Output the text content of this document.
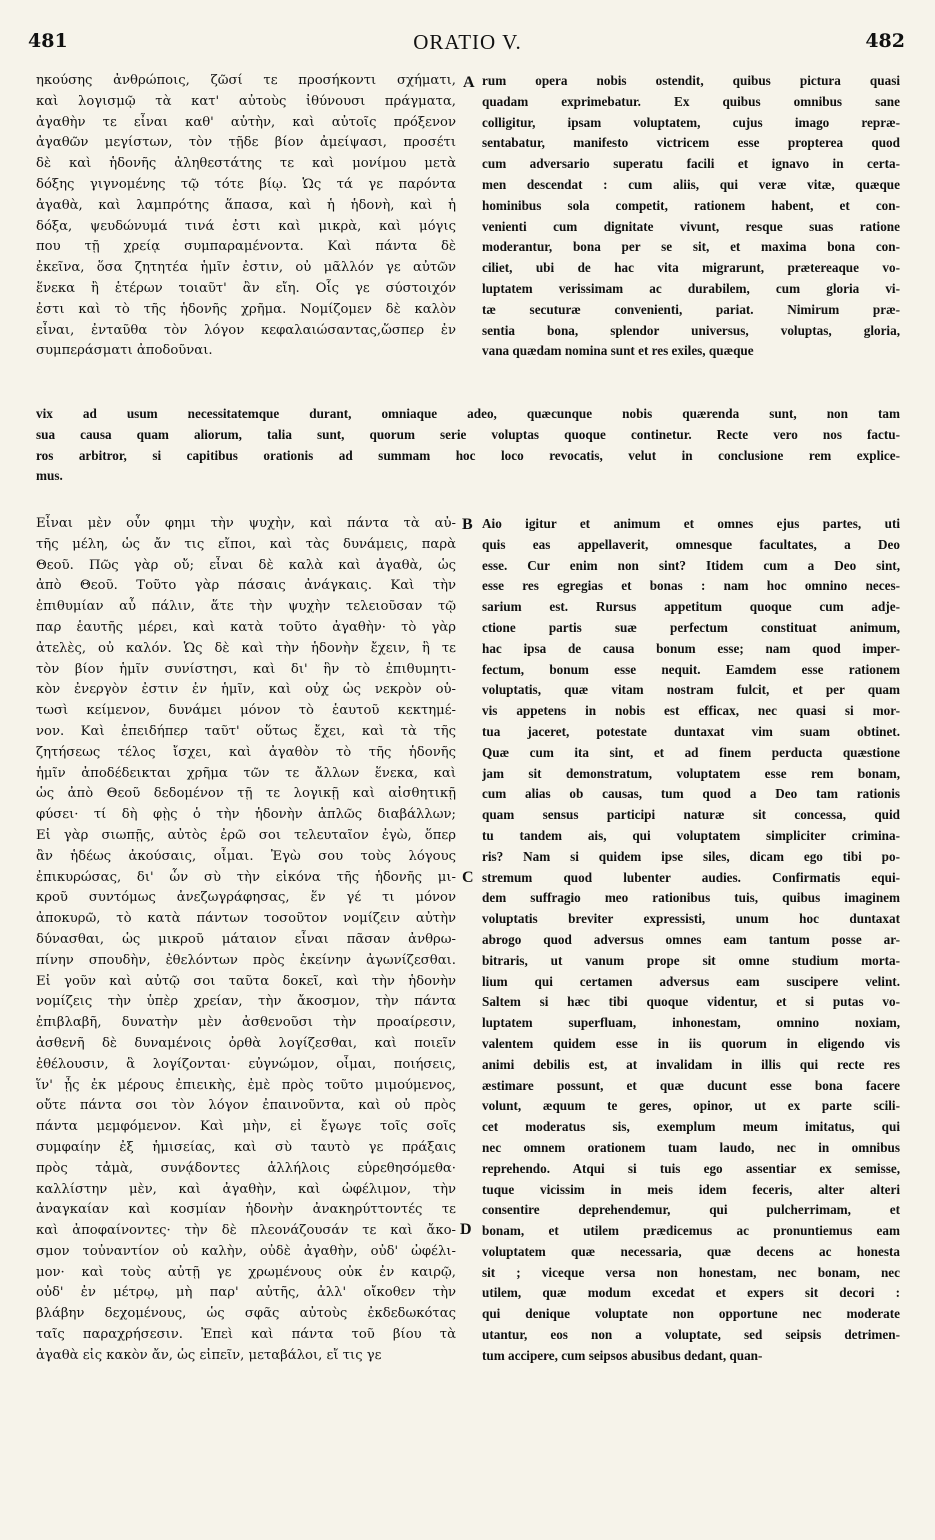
481	ORATIO V.	482
ηκούσης ἀνθρώποις, ζῶσί τε προσήκοντι σχήματι,
καὶ λογισμῷ τὰ κατ' αὐτοὺς ἰθύνουσι πράγματα,
ἀγαθὴν τε εἶναι καθ' αὐτὴν, καὶ αὐτοῖς πρόξενον
ἀγαθῶν μεγίστων, τὸν τῇδε βίον ἀμείψασι, προσέτι
δὲ καὶ ἡδονῆς ἀληθεστάτης τε καὶ μονίμου μετὰ
δόξης γιγνομένης τῷ τότε βίῳ. Ὡς τά γε παρόντα
ἀγαθὰ, καὶ λαμπρότης ἅπασα, καὶ ἡ ἡδονὴ, καὶ ἡ
δόξα, ψευδώνυμά τινά ἐστι καὶ μικρὰ, καὶ μόγις
που τῇ χρείᾳ συμπαραμένοντα. Καὶ πάντα δὲ
ἐκεῖνα, ὅσα ζητητέα ἡμῖν ἐστιν, οὐ μᾶλλόν γε αὐτῶν
ἕνεκα ἢ ἑτέρων τοιαῦτ' ἂν εἴη. Οἷς γε σύστοιχόν
ἐστι καὶ τὸ τῆς ἡδονῆς χρῆμα. Νομίζομεν δὲ καλὸν
εἶναι, ἐνταῦθα τὸν λόγον κεφαλαιώσαντας,ὥσπερ ἐν
συμπεράσματι ἀποδοῦναι.
rum opera nobis ostendit, quibus pictura quasi
quadam exprimebatur. Ex quibus omnibus sane
colligitur, ipsam voluptatem, cujus imago repræ-
sentabatur, manifesto victricem esse propterea quod
cum adversario superatu facili et ignavo in certa-
men descendat : cum aliis, qui veræ vitæ, quæque
hominibus sola competit, rationem habent, et con-
venienti cum dignitate vivunt, resque suas ratione
moderantur, bona per se sit, et maxima bona con-
ciliet, ubi de hac vita migrarunt, prætereaque vo-
luptatem verissimam ac durabilem, cum gloria vi-
tæ secuturæ convenienti, pariat. Nimirum præ-
sentia bona, splendor universus, voluptas, gloria,
vana quædam nomina sunt et res exiles, quæque
A
vix ad usum necessitatemque durant, omniaque adeo, quæcunque nobis quærenda sunt, non tam
sua causa quam aliorum, talia sunt, quorum serie voluptas quoque continetur. Recte vero nos factu-
ros arbitror, si capitibus orationis ad summam hoc loco revocatis, velut in conclusione rem explice-
mus.
Εἶναι μὲν οὖν φημι τὴν ψυχὴν, καὶ πάντα τὰ αὐ-
τῆς μέλη, ὡς ἄν τις εἴποι, καὶ τὰς δυνάμεις, παρὰ
Θεοῦ. Πῶς γὰρ οὔ; εἶναι δὲ καλὰ καὶ ἀγαθὰ, ὡς
ἀπὸ Θεοῦ. Τοῦτο γὰρ πάσαις ἀνάγκαις. Καὶ τὴν
ἐπιθυμίαν αὖ πάλιν, ἅτε τὴν ψυχὴν τελειοῦσαν τῷ
παρ ἑαυτῆς μέρει, καὶ κατὰ τοῦτο ἀγαθὴν· τὸ γὰρ
ἀτελὲς, οὐ καλόν. Ὡς δὲ καὶ τὴν ἡδονὴν ἔχειν, ἣ τε
τὸν βίον ἡμῖν συνίστησι, καὶ δι' ἣν τὸ ἐπιθυμητι-
κὸν ἐνεργὸν ἐστιν ἐν ἡμῖν, καὶ οὐχ ὡς νεκρὸν οὑ-
τωσὶ κείμενον, δυνάμει μόνον τὸ ἑαυτοῦ κεκτημέ-
νον. Καὶ ἐπειδήπερ ταῦτ' οὕτως ἔχει, καὶ τὰ τῆς
ζητήσεως τέλος ἴσχει, καὶ ἀγαθὸν τὸ τῆς ἡδονῆς
ἡμῖν ἀποδέδεικται χρῆμα τῶν τε ἄλλων ἕνεκα, καὶ
ὡς ἀπὸ Θεοῦ δεδομένον τῇ τε λογικῇ καὶ αἰσθητικῇ
φύσει· τί δὴ φῂς ὁ τὴν ἡδονὴν ἁπλῶς διαβάλλων;
Εἰ γὰρ σιωπῇς, αὐτὸς ἐρῶ σοι τελευταῖον ἐγὼ, ὅπερ
ἂν ἡδέως ἀκούσαις, οἶμαι. Ἐγὼ σου τοὺς λόγους
ἐπικυρώσας, δι' ὧν σὺ τὴν εἰκόνα τῆς ἡδονῆς μι-
κροῦ συντόμως ἀνεζωγράφησας, ἕν γέ τι μόνον
ἀποκυρῶ, τὸ κατὰ πάντων τοσοῦτον νομίζειν αὐτὴν
δύνασθαι, ὡς μικροῦ μάταιον εἶναι πᾶσαν ἀνθρω-
πίνην σπουδὴν, ἐθελόντων πρὸς ἐκείνην ἀγωνίζεσθαι.
Εἰ γοῦν καὶ αὐτῷ σοι ταῦτα δοκεῖ, καὶ τὴν ἡδονὴν
νομίζεις τὴν ὑπὲρ χρείαν, τὴν ἄκοσμον, τὴν πάντα
ἐπιβλαβῆ, δυνατὴν μὲν ἀσθενοῦσι τὴν προαίρεσιν,
ἀσθενῆ δὲ δυναμένοις ὀρθὰ λογίζεσθαι, καὶ ποιεῖν
ἐθέλουσιν, ἃ λογίζονται· εὐγνώμον, οἶμαι, ποιήσεις,
ἵν' ᾖς ἐκ μέρους ἐπιεικὴς, ἐμὲ πρὸς τοῦτο μιμούμενος,
οὔτε πάντα σοι τὸν λόγον ἐπαινοῦντα, καὶ οὐ πρὸς
πάντα μεμφόμενον. Καὶ μὴν, εἰ ἔγωγε τοῖς σοῖς
συμφαίην ἐξ ἡμισείας, καὶ σὺ ταυτὸ γε πράξαις
πρὸς τἀμὰ, συνᾴδοντες ἀλλήλοις εὑρεθησόμεθα·
καλλίστην μὲν, καὶ ἀγαθὴν, καὶ ὠφέλιμον, τὴν
ἀναγκαίαν καὶ κοσμίαν ἡδονὴν ἀνακηρύττοντές τε
καὶ ἀποφαίνοντες· τὴν δὲ πλεονάζουσάν τε καὶ ἄκο-
σμον τοὐναντίον οὐ καλὴν, οὐδὲ ἀγαθὴν, οὐδ' ὠφέλι-
μον· καὶ τοὺς αὐτῇ γε χρωμένους οὐκ ἐν καιρῷ,
οὐδ' ἐν μέτρῳ, μὴ παρ' αὐτῆς, ἀλλ' οἴκοθεν τὴν
βλάβην δεχομένους, ὡς σφᾶς αὐτοὺς ἐκδεδωκότας
ταῖς παραχρήσεσιν. Ἐπεὶ καὶ πάντα τοῦ βίου τὰ
ἀγαθὰ εἰς κακὸν ἄν, ὡς εἰπεῖν, μεταβάλοι, εἴ τις γε
Aio igitur et animum et omnes ejus partes, uti
quis eas appellaverit, omnesque facultates, a Deo
esse. Cur enim non sint? Itidem cum a Deo sint,
esse res egregias et bonas : nam hoc omnino neces-
sarium est. Rursus appetitum quoque cum adje-
ctione partis suæ perfectum constituat animum,
hac ipsa de causa bonum esse; nam quod imper-
fectum, bonum esse nequit. Eamdem esse rationem
voluptatis, quæ vitam nostram fulcit, et per quam
vis appetens in nobis est efficax, nec quasi si mor-
tua jaceret, potestate duntaxat vim suam obtinet.
Quæ cum ita sint, et ad finem perducta quæstione
jam sit demonstratum, voluptatem esse rem bonam,
cum alias ob causas, tum quod a Deo tam rationis
quam sensus participi naturæ sit concessa, quid
tu tandem ais, qui voluptatem simpliciter crimina-
ris? Nam si quidem ipse siles, dicam ego tibi po-
stremum quod lubenter audies. Confirmatis equi-
dem suffragio meo rationibus tuis, quibus imaginem
voluptatis breviter expressisti, unum hoc duntaxat
abrogo quod adversus omnes eam tantum posse ar-
bitraris, ut vanum prope sit omne studium morta-
lium qui certamen adversus eam suscipere velint.
Saltem si hæc tibi quoque videntur, et si putas vo-
luptatem superfluam, inhonestam, omnino noxiam,
valentem quidem esse in iis quorum in eligendo vis
animi debilis est, at invalidam in illis qui recte res
æstimare possunt, et quæ ducunt esse bona facere
volunt, æquum te geres, opinor, ut ex parte scili-
cet moderatus sis, exemplum meum imitatus, qui
nec omnem orationem tuam laudo, nec in omnibus
reprehendo. Atqui si tuis ego assentiar ex semisse,
tuque vicissim in meis idem feceris, alter alteri
consentire deprehendemur, qui pulcherrimam, et
bonam, et utilem prædicemus ac pronuntiemus eam
voluptatem quæ necessaria, quæ decens ac honesta
sit ; viceque versa non honestam, nec bonam, nec
utilem, quæ modum excedat et expers sit decori :
qui denique voluptate non opportune nec moderate
utantur, eos non a voluptate, sed seipsis detrimen-
tum accipere, cum seipsos abusibus dedant, quan-
B
C
D
